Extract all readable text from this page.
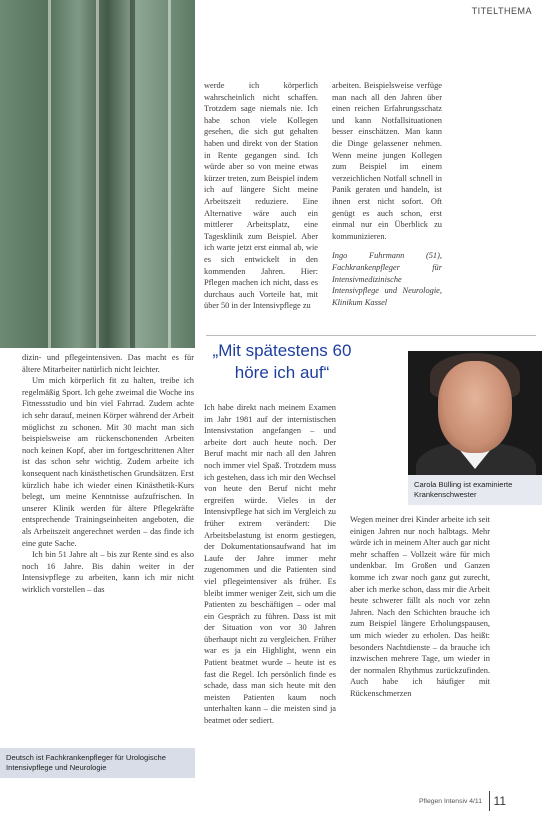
TITELTHEMA

werde ich körperlich wahrscheinlich nicht schaffen. Trotzdem sage niemals nie. Ich habe schon viele Kollegen gesehen, die sich gut gehalten haben und direkt von der Station in Rente gegangen sind. Ich würde aber so von meine etwas kürzer treten, zum Beispiel indem ich auf längere Sicht meine Arbeitszeit reduziere. Eine Alternative wäre auch ein mittlerer Arbeitsplatz, eine Tagesklinik zum Beispiel. Aber ich warte jetzt erst einmal ab, wie es sich entwickelt in den kommenden Jahren. Hier: Pflegen machen ich nicht, dass es durchaus auch Vorteile hat, mit über 50 in der Intensivpflege zu

arbeiten. Beispielsweise verfüge man nach all den Jahren über einen reichen Erfahrungsschatz und kann Notfallsituationen besser einschätzen. Man kann die Dinge gelassener nehmen. Wenn meine jungen Kollegen zum Beispiel im einem verzeichlichen Notfall schnell in Panik geraten und handeln, ist ihnen erst nicht sofort. Oft genügt es auch schon, erst einmal nur ein Überblick zu kommunizieren.

Ingo Fuhrmann (51), Fachkrankenpfleger für Intensivmedizinische Intensivpflege und Neurologie, Klinikum Kassel

dizin- und pflegeintensiven. Das macht es für ältere Mitarbeiter natürlich nicht leichter.

Um mich körperlich fit zu halten, treibe ich regelmäßig Sport. Ich gehe zweimal die Woche ins Fitnessstudio und bin viel Fahrrad. Zudem achte ich sehr darauf, meinen Körper während der Arbeit möglichst zu schonen. Mit 30 macht man sich beispielsweise am rückenschonenden Arbeiten noch keinen Kopf, aber im fortgeschrittenen Alter ist das schon sehr wichtig. Zudem arbeite ich konsequent nach kinästhetischen Grundsätzen. Erst kürzlich habe ich wieder einen Kinästhetik-Kurs belegt, um meine Kenntnisse aufzufrischen. In unserer Klinik werden für ältere Pflegekräfte entsprechende Trainingseinheiten angeboten, die als Arbeitszeit angerechnet werden – das finde ich eine gute Sache.

Ich bin 51 Jahre alt – bis zur Rente sind es also noch 16 Jahre. Bis dahin weiter in der Intensivpflege zu arbeiten, kann ich mir nicht wirklich vorstellen – das

Deutsch ist Fachkrankenpfleger für Urologische Intensivpflege und Neurologie
„Mit spätestens 60 höre ich auf“

Ich habe direkt nach meinem Examen im Jahr 1981 auf der internistischen Intensivstation angefangen – und arbeite dort auch heute noch. Der Beruf macht mir nach all den Jahren noch immer viel Spaß. Trotzdem muss ich gestehen, dass ich mir den Wechsel von heute den Beruf nicht mehr ergreifen würde. Vieles in der Intensivpflege hat sich im Vergleich zu früher extrem verändert: Die Arbeitsbelastung ist enorm gestiegen, der Dokumentationsaufwand hat im Laufe der Jahre immer mehr zugenommen und die Patienten sind viel pflegeintensiver als früher. Es bleibt immer weniger Zeit, sich um die Patienten zu beschäftigen – oder mal ein Gespräch zu führen. Dass ist mit der Situation von vor 30 Jahren überhaupt nicht zu vergleichen. Früher war es ja ein Highlight, wenn ein Patient beatmet wurde – heute ist es fast die Regel. Ich persönlich finde es schade, dass man sich heute mit den meisten Patienten kaum noch unterhalten kann – die meisten sind ja beatmet oder sediert.

Carola Bülling ist examinierte Krankenschwester

Wegen meiner drei Kinder arbeite ich seit einigen Jahren nur noch halbtags. Mehr würde ich in meinem Alter auch gar nicht mehr schaffen – Vollzeit wäre für mich undenkbar. Im Großen und Ganzen komme ich zwar noch ganz gut zurecht, aber ich merke schon, dass mir die Arbeit heute schwerer fällt als noch vor zehn Jahren. Nach den Schichten brauche ich zum Beispiel längere Erholungspausen, um mich wieder zu erholen. Das heißt: besonders Nachtdienste – da brauche ich inzwischen mehrere Tage, um wieder in der normalen Rhythmus zurückzufinden. Auch habe ich häufiger mit Rückenschmerzen

Pflegen Intensiv 4/11 11
